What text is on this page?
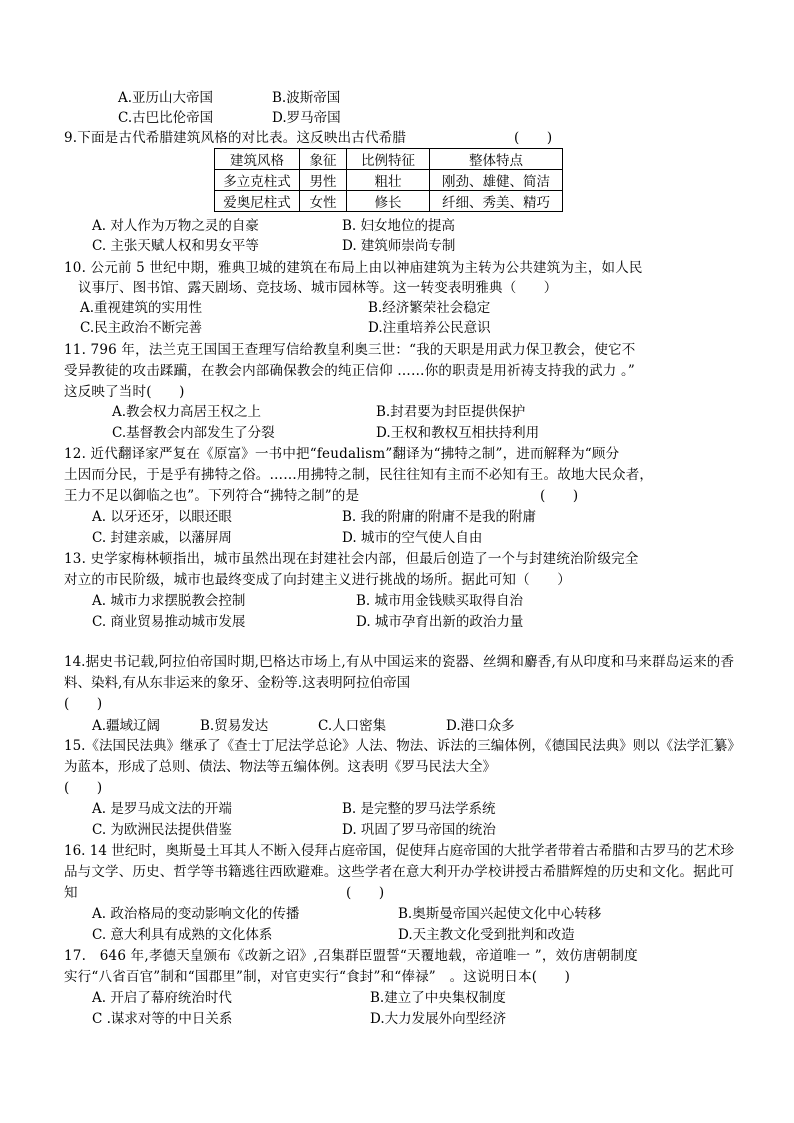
A.亚历山大帝国	B.波斯帝国
C.古巴比伦帝国	D.罗马帝国
9.下面是古代希腊建筑风格的对比表。这反映出古代希腊	(　　)
建筑风格	象征	比例特征	整体特点
多立克柱式	男性	粗壮	刚劲、雄健、简洁
爱奥尼柱式	女性	修长	纤细、秀美、精巧
A. 对人作为万物之灵的自豪	B. 妇女地位的提高
C. 主张天赋人权和男女平等	D. 建筑师崇尚专制
10. 公元前 5 世纪中期，雅典卫城的建筑在布局上由以神庙建筑为主转为公共建筑为主，如人民
议事厅、图书馆、露天剧场、竞技场、城市园林等。这一转变表明雅典（　　）
A.重视建筑的实用性	B.经济繁荣社会稳定
C.民主政治不断完善	D.注重培养公民意识
11. 796 年，法兰克王国国王查理写信给教皇利奥三世：“我的天职是用武力保卫教会，使它不
受异教徒的攻击蹂躏，在教会内部确保教会的纯正信仰 ……你的职责是用祈祷支持我的武力 。”
这反映了当时(　　)
A.教会权力高居王权之上	B.封君要为封臣提供保护
C.基督教会内部发生了分裂	D.王权和教权互相扶持利用
12. 近代翻译家严复在《原富》一书中把“feudalism”翻译为“拂特之制”，进而解释为“顾分
土因而分民，于是乎有拂特之俗。……用拂特之制，民往往知有主而不必知有王。故地大民众者，
王力不足以御临之也”。下列符合“拂特之制”的是	(　　)
A. 以牙还牙，以眼还眼	B. 我的附庸的附庸不是我的附庸
C. 封建亲戚，以藩屏周	D. 城市的空气使人自由
13. 史学家梅林顿指出，城市虽然出现在封建社会内部，但最后创造了一个与封建统治阶级完全
对立的市民阶级，城市也最终变成了向封建主义进行挑战的场所。据此可知（　　）
A. 城市力求摆脱教会控制	B. 城市用金钱赎买取得自治
C. 商业贸易推动城市发展	D. 城市孕育出新的政治力量
14.据史书记载,阿拉伯帝国时期,巴格达市场上,有从中国运来的瓷器、丝绸和麝香,有从印度和马来群岛运来的香料、染料,有从东非运来的象牙、金粉等.这表明阿拉伯帝国
(　　)
A.疆域辽阔	B.贸易发达	C.人口密集	D.港口众多
15.《法国民法典》继承了《查士丁尼法学总论》人法、物法、诉法的三编体例，《德国民法典》则以《法学汇纂》为蓝本，形成了总则、债法、物法等五编体例。这表明《罗马民法大全》
(　　)
A. 是罗马成文法的开端	B. 是完整的罗马法学系统
C. 为欧洲民法提供借鉴	D. 巩固了罗马帝国的统治
16. 14 世纪时，奥斯曼土耳其人不断入侵拜占庭帝国，促使拜占庭帝国的大批学者带着古希腊和古罗马的艺术珍品与文学、历史、哲学等书籍逃往西欧避难。这些学者在意大利开办学校讲授古希腊辉煌的历史和文化。据此可知	(　　)
A. 政治格局的变动影响文化的传播	B.奥斯曼帝国兴起使文化中心转移
C. 意大利具有成熟的文化体系	D.天主教文化受到批判和改造
17.　646 年,孝德天皇颁布《改新之诏》,召集群臣盟誓“天覆地载，帝道唯一 ”，效仿唐朝制度
实行“八省百官”制和“国郡里”制，对官吏实行“食封”和“俸禄”　。这说明日本(　　)
A. 开启了幕府统治时代	B.建立了中央集权制度
C .谋求对等的中日关系	D.大力发展外向型经济
